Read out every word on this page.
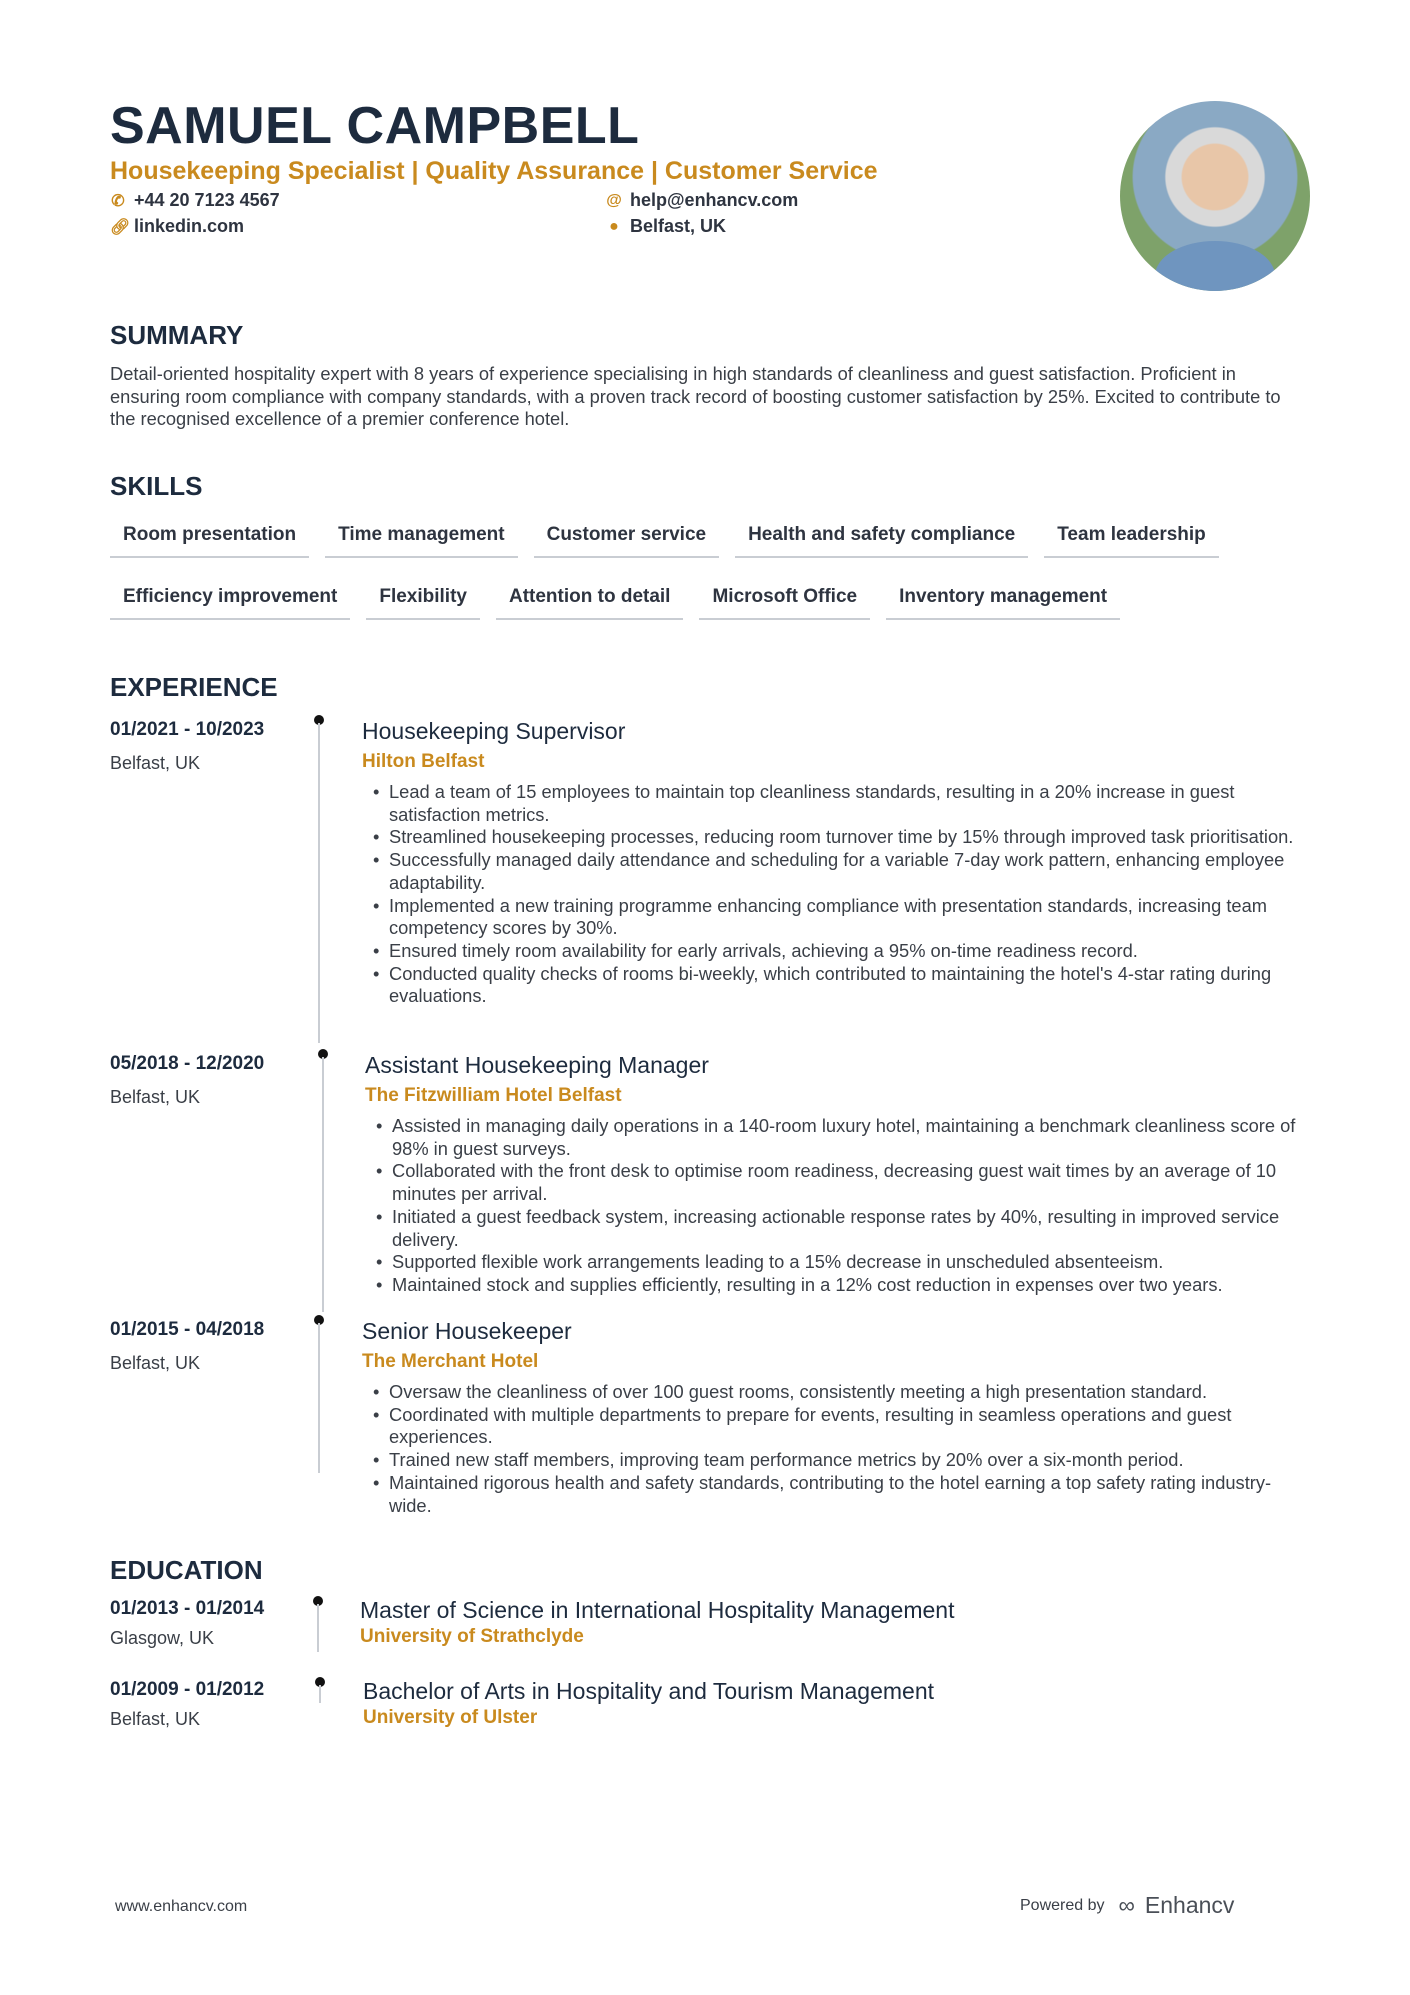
SAMUEL CAMPBELL
Housekeeping Specialist | Quality Assurance | Customer Service
✆ +44 20 7123 4567
🔗︎ linkedin.com
@ help@enhancv.com
● Belfast, UK
SUMMARY
Detail-oriented hospitality expert with 8 years of experience specialising in high standards of cleanliness and guest satisfaction. Proficient in ensuring room compliance with company standards, with a proven track record of boosting customer satisfaction by 25%. Excited to contribute to the recognised excellence of a premier conference hotel.
SKILLS
Room presentation	Time management	Customer service	Health and safety compliance	Team leadership
Efficiency improvement	Flexibility	Attention to detail	Microsoft Office	Inventory management
EXPERIENCE
01/2021 - 10/2023
Belfast, UK
Housekeeping Supervisor
Hilton Belfast
• Lead a team of 15 employees to maintain top cleanliness standards, resulting in a 20% increase in guest satisfaction metrics.
• Streamlined housekeeping processes, reducing room turnover time by 15% through improved task prioritisation.
• Successfully managed daily attendance and scheduling for a variable 7-day work pattern, enhancing employee adaptability.
• Implemented a new training programme enhancing compliance with presentation standards, increasing team competency scores by 30%.
• Ensured timely room availability for early arrivals, achieving a 95% on-time readiness record.
• Conducted quality checks of rooms bi-weekly, which contributed to maintaining the hotel's 4-star rating during evaluations.
05/2018 - 12/2020
Belfast, UK
Assistant Housekeeping Manager
The Fitzwilliam Hotel Belfast
• Assisted in managing daily operations in a 140-room luxury hotel, maintaining a benchmark cleanliness score of 98% in guest surveys.
• Collaborated with the front desk to optimise room readiness, decreasing guest wait times by an average of 10 minutes per arrival.
• Initiated a guest feedback system, increasing actionable response rates by 40%, resulting in improved service delivery.
• Supported flexible work arrangements leading to a 15% decrease in unscheduled absenteeism.
• Maintained stock and supplies efficiently, resulting in a 12% cost reduction in expenses over two years.
01/2015 - 04/2018
Belfast, UK
Senior Housekeeper
The Merchant Hotel
• Oversaw the cleanliness of over 100 guest rooms, consistently meeting a high presentation standard.
• Coordinated with multiple departments to prepare for events, resulting in seamless operations and guest experiences.
• Trained new staff members, improving team performance metrics by 20% over a six-month period.
• Maintained rigorous health and safety standards, contributing to the hotel earning a top safety rating industry-wide.
EDUCATION
01/2013 - 01/2014
Glasgow, UK
Master of Science in International Hospitality Management
University of Strathclyde
01/2009 - 01/2012
Belfast, UK
Bachelor of Arts in Hospitality and Tourism Management
University of Ulster
www.enhancv.com	Powered by ∞ Enhancv
